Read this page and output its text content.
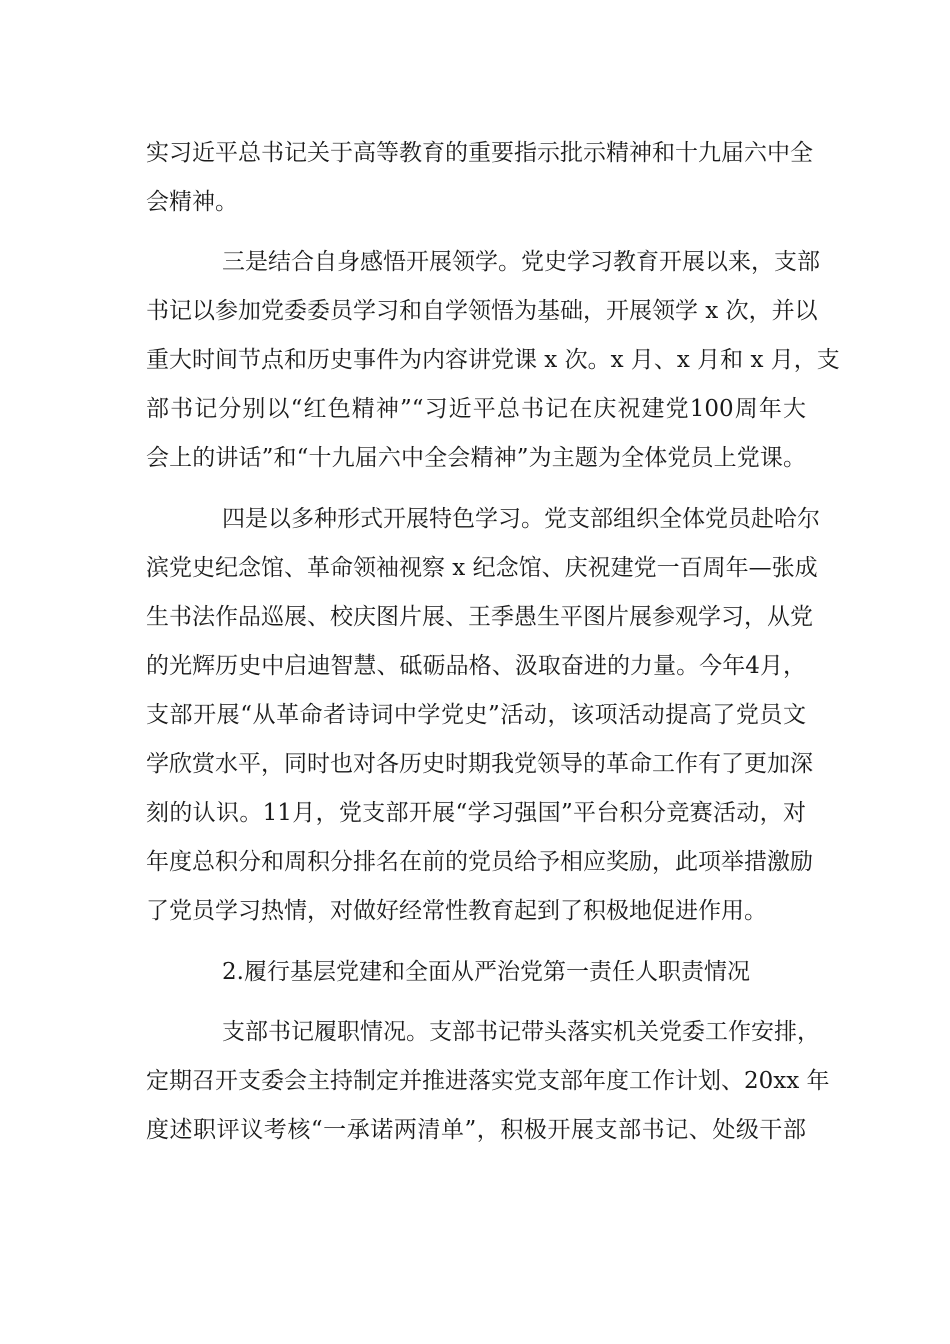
实习近平总书记关于高等教育的重要指示批示精神和十九届六中全
会精神。
三是结合自身感悟开展领学。党史学习教育开展以来，支部
书记以参加党委委员学习和自学领悟为基础，开展领学 x 次，并以
重大时间节点和历史事件为内容讲党课 x 次。x 月、x 月和 x 月，支
部书记分别以“红色精神”“习近平总书记在庆祝建党100周年大
会上的讲话”和“十九届六中全会精神”为主题为全体党员上党课。
四是以多种形式开展特色学习。党支部组织全体党员赴哈尔
滨党史纪念馆、革命领袖视察 x 纪念馆、庆祝建党一百周年—张成
生书法作品巡展、校庆图片展、王季愚生平图片展参观学习，从党
的光辉历史中启迪智慧、砥砺品格、汲取奋进的力量。今年4月，
支部开展“从革命者诗词中学党史”活动，该项活动提高了党员文
学欣赏水平，同时也对各历史时期我党领导的革命工作有了更加深
刻的认识。11月，党支部开展“学习强国”平台积分竞赛活动，对
年度总积分和周积分排名在前的党员给予相应奖励，此项举措激励
了党员学习热情，对做好经常性教育起到了积极地促进作用。
2.履行基层党建和全面从严治党第一责任人职责情况
支部书记履职情况。支部书记带头落实机关党委工作安排，
定期召开支委会主持制定并推进落实党支部年度工作计划、20xx 年
度述职评议考核“一承诺两清单”，积极开展支部书记、处级干部
